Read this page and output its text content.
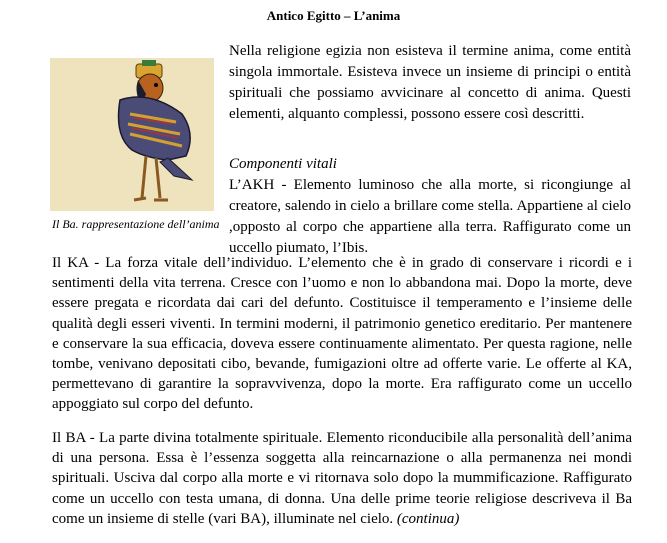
Antico Egitto – L’anima
Il Ba. rappresentazione dell’anima

Nella religione egizia non esisteva il termine anima, come entità singola immortale. Esisteva invece un insieme di principi o entità spirituali che possiamo avvicinare al concetto di anima. Questi elementi, alquanto complessi, possono essere così descritti.

Componenti vitali
L’AKH - Elemento luminoso che alla morte, si ricongiunge al creatore, salendo in cielo a brillare come stella. Appartiene al cielo ,opposto al corpo che appartiene alla terra. Raffigurato come un uccello piumato, l’Ibis.
Il KA - La forza vitale dell’individuo. L’elemento che è in grado di conservare i ricordi e i sentimenti della vita terrena. Cresce con l’uomo e non lo abbandona mai. Dopo la morte, deve essere pregata e ricordata dai cari del defunto. Costituisce il temperamento e l’insieme delle qualità degli esseri viventi. In termini moderni, il patrimonio genetico ereditario. Per mantenere e conservare la sua efficacia, doveva essere continuamente alimentato. Per questa ragione, nelle tombe, venivano depositati cibo, bevande, fumigazioni oltre ad offerte varie. Le offerte al KA, permettevano di garantire la sopravvivenza, dopo la morte. Era raffigurato come un uccello appoggiato sul corpo del defunto.
Il BA - La parte divina totalmente spirituale. Elemento riconducibile alla personalità dell’anima di una persona. Essa è l’essenza soggetta alla reincarnazione o alla permanenza nei mondi spirituali. Usciva dal corpo alla morte e vi ritornava solo dopo la mummificazione. Raffigurato come un uccello con testa umana, di donna. Una delle prime teorie religiose descriveva il Ba come un insieme di stelle (vari BA), illuminate nel cielo. (continua)
